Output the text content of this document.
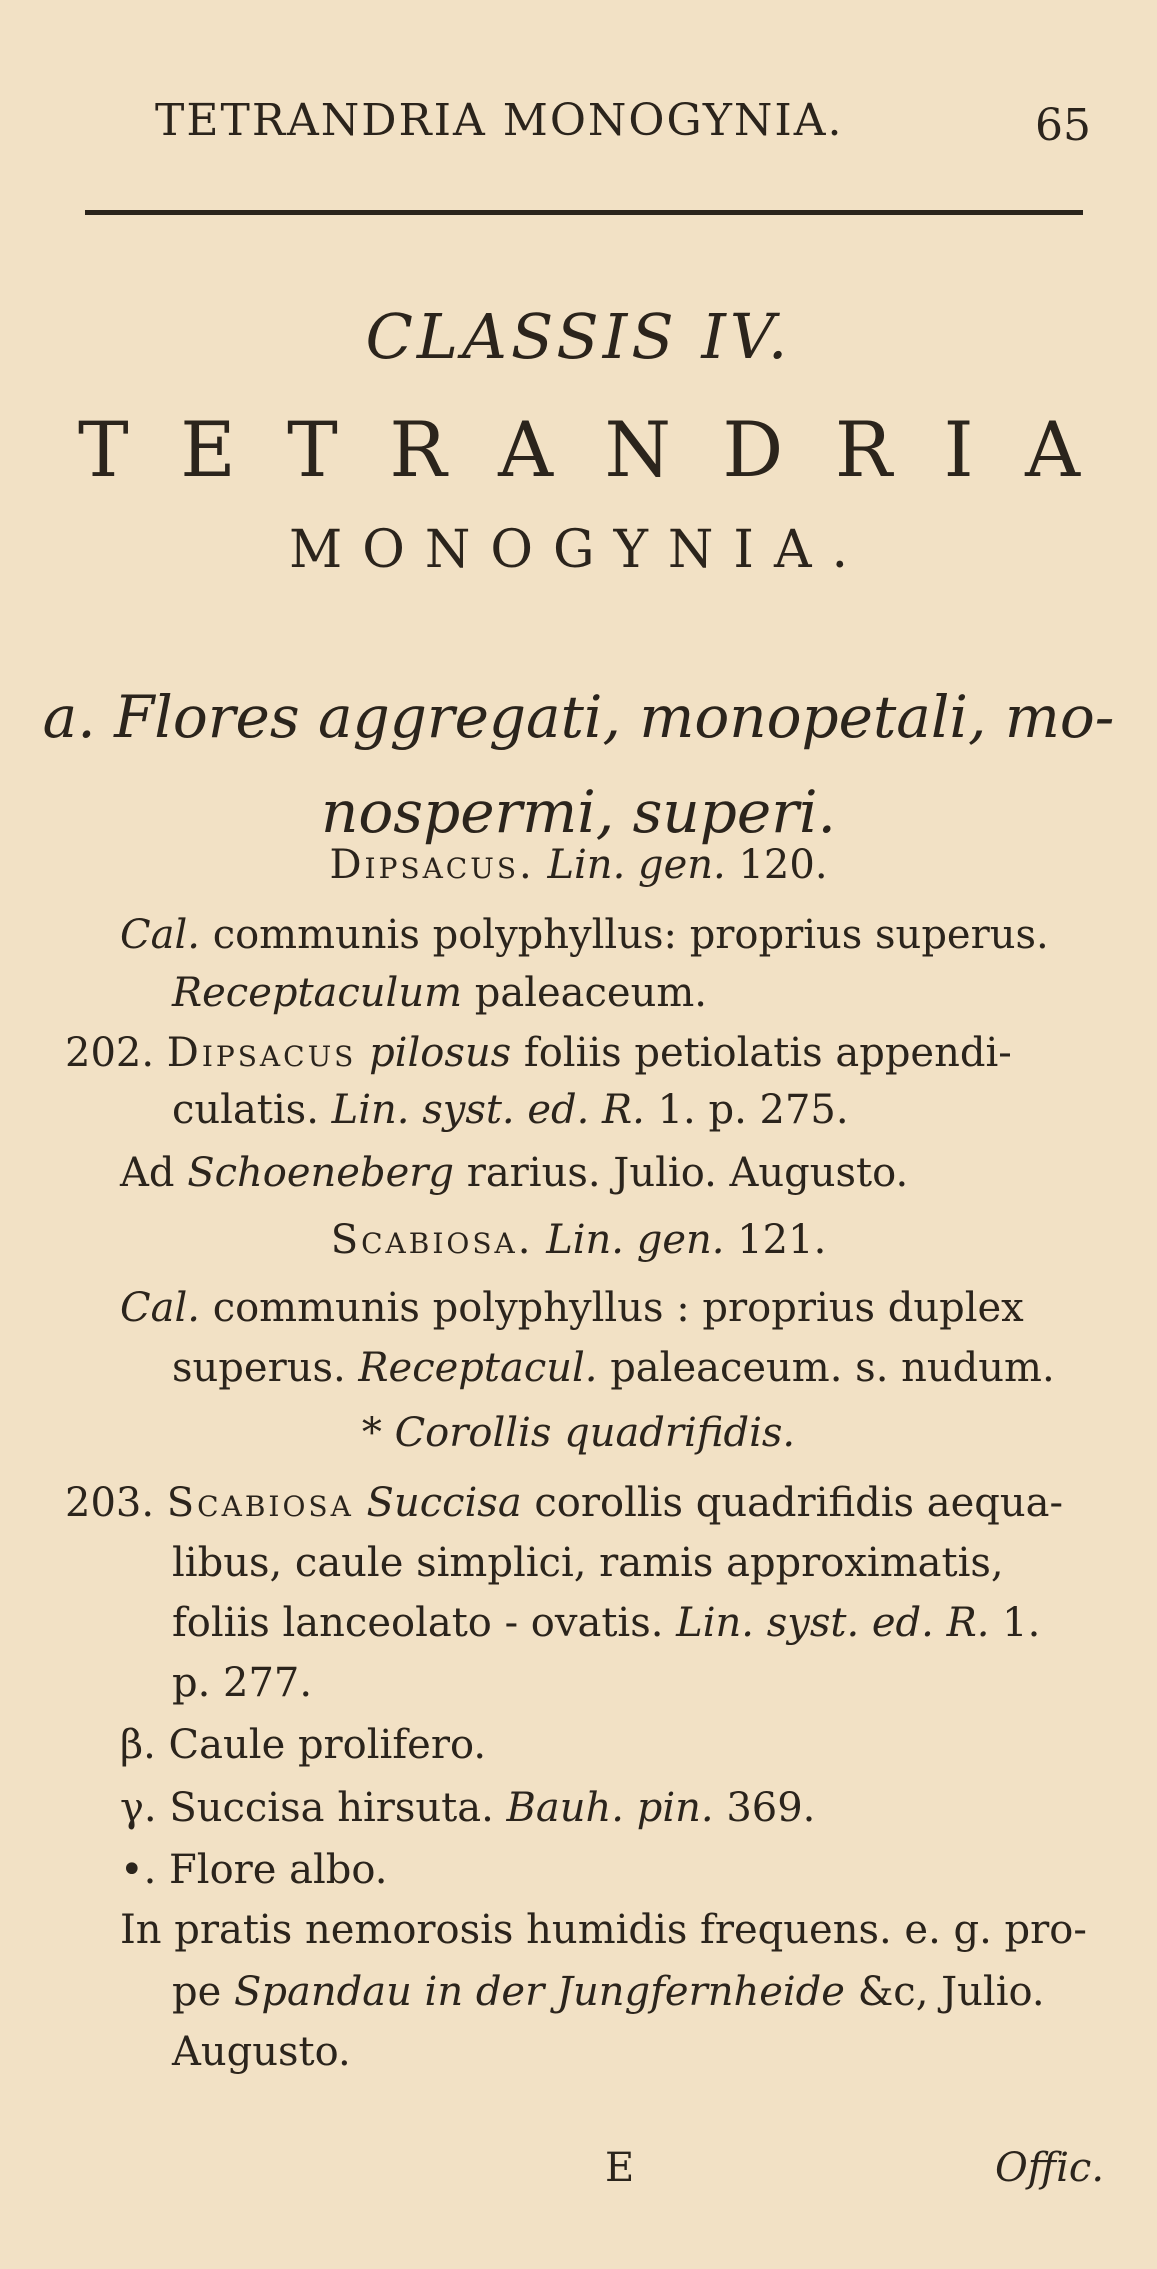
TETRANDRIA MONOGYNIA.	65
CLASSIS IV.
T E T R A N D R I A
MONOGYNIA.
a. Flores aggregati, monopetali, mo-
nospermi, superi.
Dipsacus. Lin. gen. 120.
Cal. communis polyphyllus: proprius superus.
Receptaculum paleaceum.
202. Dipsacus pilosus foliis petiolatis appendi-
culatis. Lin. syst. ed. R. 1. p. 275.
Ad Schoeneberg rarius. Julio. Augusto.
Scabiosa. Lin. gen. 121.
Cal. communis polyphyllus : proprius duplex
superus. Receptacul. paleaceum. s. nudum.
* Corollis quadrifidis.
203. Scabiosa Succisa corollis quadrifidis aequa-
libus, caule simplici, ramis approximatis,
foliis lanceolato - ovatis. Lin. syst. ed. R. 1.
p. 277.
β. Caule prolifero.
γ. Succisa hirsuta. Bauh. pin. 369.
•. Flore albo.
In pratis nemorosis humidis frequens. e. g. pro-
pe Spandau in der Jungfernheide &c, Julio.
Augusto.
E	Offic.
